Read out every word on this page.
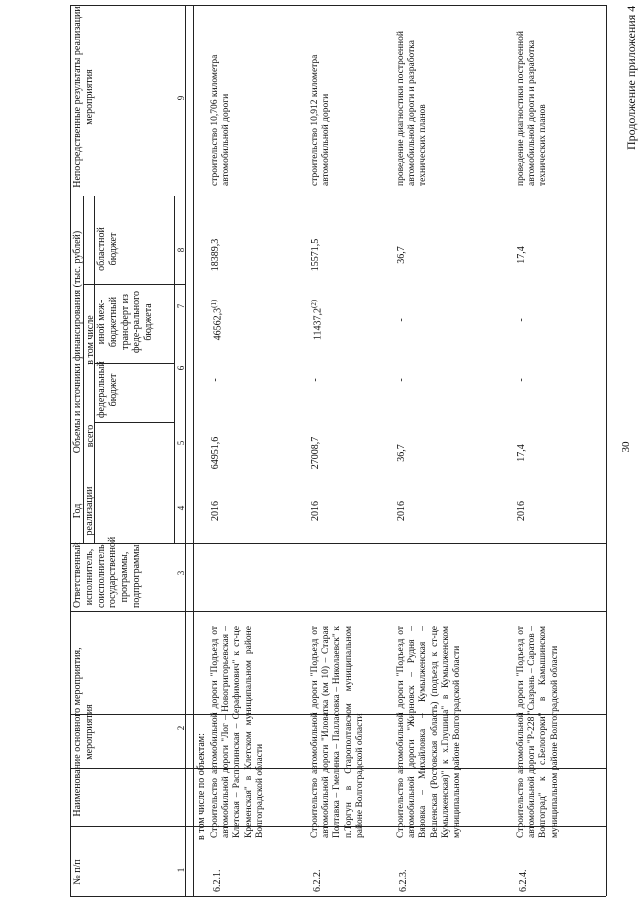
30
Продолжение приложения 4
№ п/п
Наименование основного мероприятия, мероприятия
Ответственный исполнитель, соисполнитель государственной программы, подпрограммы
Год реализации
Объемы и источники финансирования (тыс. рублей) всего
в том числе
федеральный бюджет
иной меж-бюджетный трансферт из феде-рального бюджета
областной бюджет
Непосредственные результаты реализации мероприятия
1
2
3
4
5
6
7
8
9
в том числе по объектам:
6.2.1.
Строительство автомобильной дороги "Подъезд от автомобильной дороги "Лог – Новогригорьевская – Клетская – Распопинская – Серафимович" к ст-це Кременская" в Клетском муниципальном районе Волгоградской области
2016
64951,6
-
46562,3$^{(1)}$
18389,3
строительство 10,706 километра автомобильной дороги
6.2.2.
Строительство автомобильной дороги "Подъезд от автомобильной дороги "Иловатка (км 10) – Старая Полтавка – Гмелинка – Палласовка – Николаевск" к п.Торгун в Старополтавском муниципальном районе Волгоградской области
2016
27008,7
-
11437,2$^{(2)}$
15571,5
строительство 10,912 километра автомобильной дороги
6.2.3.
Строительство автомобильной дороги "Подъезд от автомобильной дороги "Жирновск – Рудня – Вязовка – Михайловка – Кумылженская – Вешенская (Ростовская область) (подъезд к ст-це Кумылженская)" к х.Глушица" в Кумылженском муниципальном районе Волгоградской области
2016
36,7
-
-
36,7
проведение диагностики построенной автомобильной дороги и разработка технических планов
6.2.4.
Строительство автомобильной дороги "Подъезд от автомобильной дороги "Р-228 "Сызрань – Саратов – Волгоград" к с.Белогорки" в Камышинском муниципальном районе Волгоградской области
2016
17,4
-
-
17,4
проведение диагностики построенной автомобильной дороги и разработка технических планов
